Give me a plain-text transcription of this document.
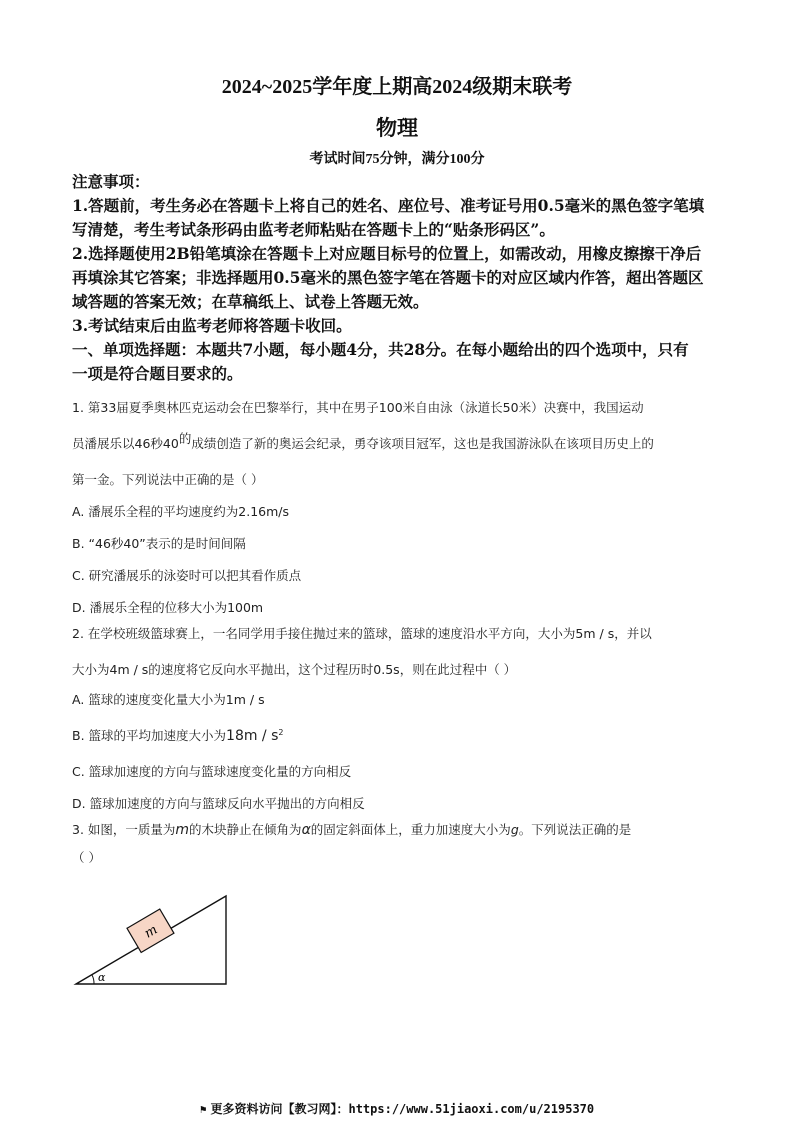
2024~2025学年度上期高2024级期末联考
物理
考试时间75分钟，满分100分
注意事项：
1.答题前，考生务必在答题卡上将自己的姓名、座位号、准考证号用0.5毫米的黑色签字笔填
写清楚，考生考试条形码由监考老师粘贴在答题卡上的“贴条形码区”。
2.选择题使用2B铅笔填涂在答题卡上对应题目标号的位置上，如需改动，用橡皮擦擦干净后
再填涂其它答案；非选择题用0.5毫米的黑色签字笔在答题卡的对应区域内作答，超出答题区
域答题的答案无效；在草稿纸上、试卷上答题无效。
3.考试结束后由监考老师将答题卡收回。
一、单项选择题：本题共7小题，每小题4分，共28分。在每小题给出的四个选项中，只有
一项是符合题目要求的。

1. 第33届夏季奥林匹克运动会在巴黎举行，其中在男子100米自由泳（泳道长50米）决赛中，我国运动

员潘展乐以46秒40的成绩创造了新的奥运会纪录，勇夺该项目冠军，这也是我国游泳队在该项目历史上的

第一金。下列说法中正确的是（ ）

A. 潘展乐全程的平均速度约为2.16m/s
B. “46秒40”表示的是时间间隔
C. 研究潘展乐的泳姿时可以把其看作质点
D. 潘展乐全程的位移大小为100m

2. 在学校班级篮球赛上，一名同学用手接住抛过来的篮球，篮球的速度沿水平方向，大小为5m / s，并以

大小为4m / s的速度将它反向水平抛出，这个过程历时0.5s，则在此过程中（ ）

A. 篮球的速度变化量大小为1m / s
B. 篮球的平均加速度大小为$18m / s^2$
C. 篮球加速度的方向与篮球速度变化量的方向相反
D. 篮球加速度的方向与篮球反向水平抛出的方向相反

3. 如图，一质量为m的木块静止在倾角为α的固定斜面体上，重力加速度大小为g。下列说法正确的是

（ ）

m
α
⚑ 更多资料访问【教习网】：https://www.51jiaoxi.com/u/2195370
